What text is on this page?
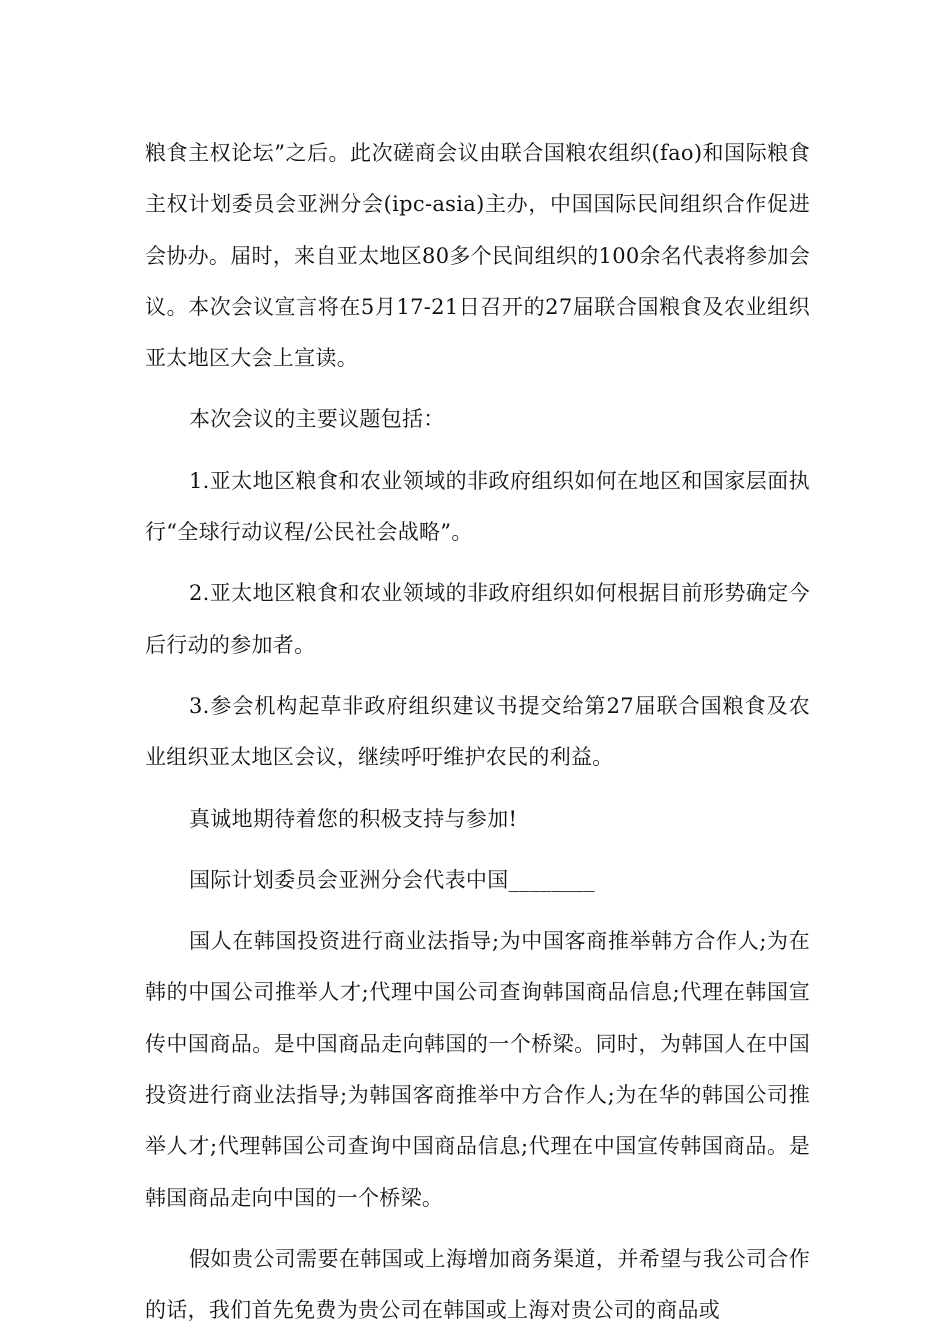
粮食主权论坛”之后。此次磋商会议由联合国粮农组织(fao)和国际粮食主权计划委员会亚洲分会(ipc-asia)主办，中国国际民间组织合作促进会协办。届时，来自亚太地区80多个民间组织的100余名代表将参加会议。本次会议宣言将在5月17-21日召开的27届联合国粮食及农业组织亚太地区大会上宣读。

本次会议的主要议题包括：

1.亚太地区粮食和农业领域的非政府组织如何在地区和国家层面执行“全球行动议程/公民社会战略”。

2.亚太地区粮食和农业领域的非政府组织如何根据目前形势确定今后行动的参加者。

3.参会机构起草非政府组织建议书提交给第27届联合国粮食及农业组织亚太地区会议，继续呼吁维护农民的利益。

真诚地期待着您的积极支持与参加!

国际计划委员会亚洲分会代表中国________

国人在韩国投资进行商业法指导;为中国客商推举韩方合作人;为在韩的中国公司推举人才;代理中国公司查询韩国商品信息;代理在韩国宣传中国商品。是中国商品走向韩国的一个桥梁。同时，为韩国人在中国投资进行商业法指导;为韩国客商推举中方合作人;为在华的韩国公司推举人才;代理韩国公司查询中国商品信息;代理在中国宣传韩国商品。是韩国商品走向中国的一个桥梁。

假如贵公司需要在韩国或上海增加商务渠道，并希望与我公司合作的话，我们首先免费为贵公司在韩国或上海对贵公司的商品或
